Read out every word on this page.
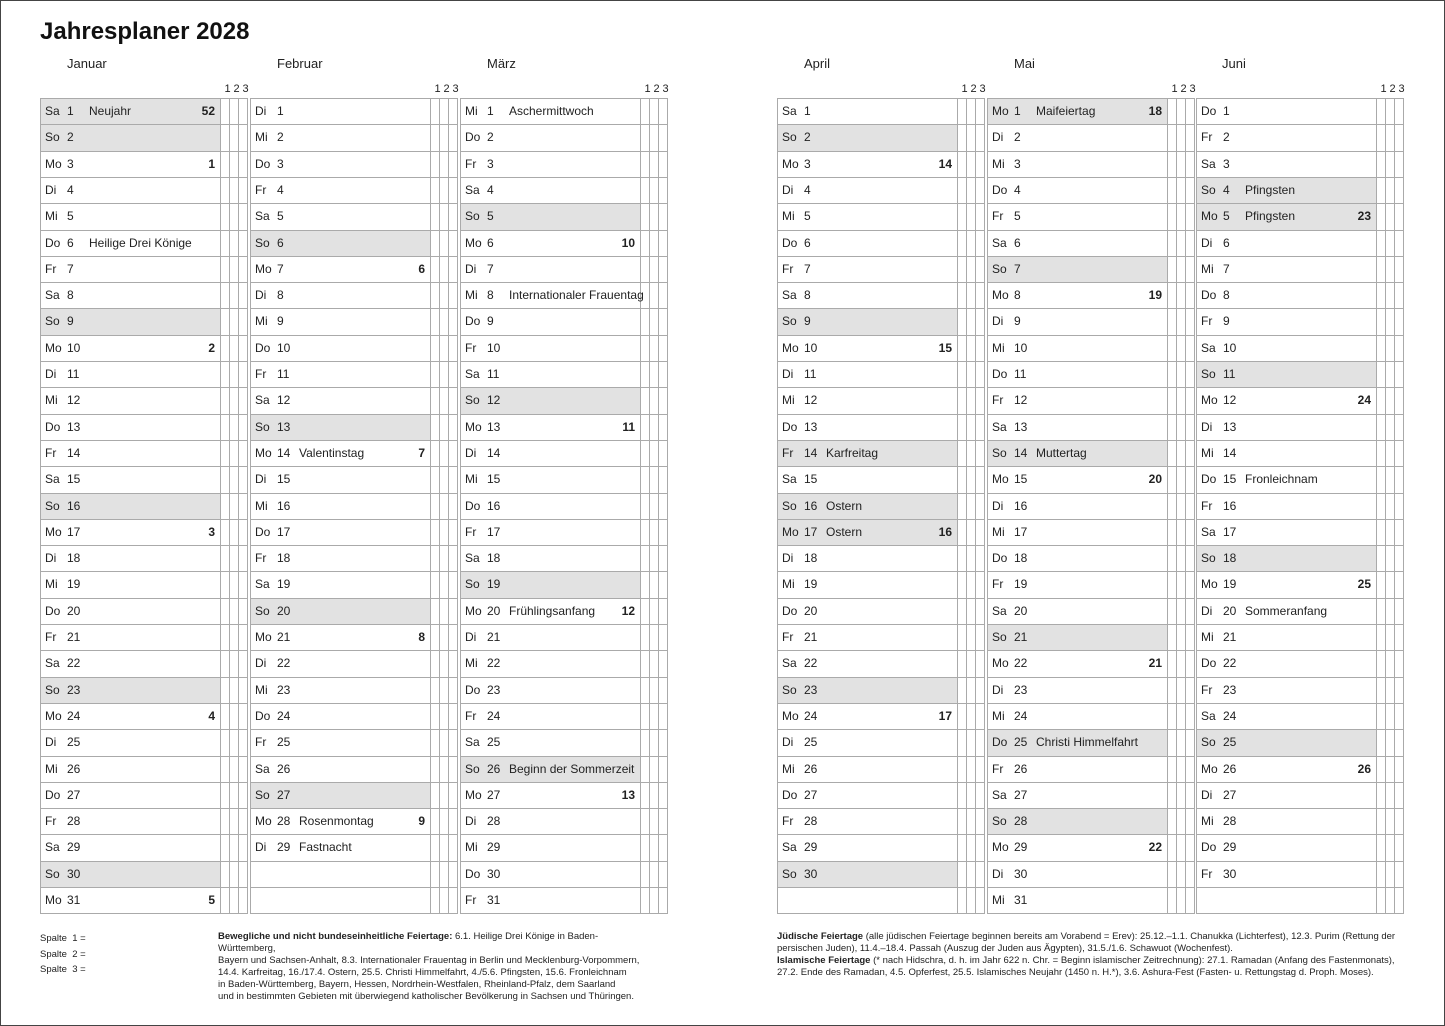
Jahresplaner 2028
Januar
1 2 3
Sa 1 Neujahr	52
So 2
Mo 3	1
Di 4
Mi 5
Do 6 Heilige Drei Könige
Fr 7
Sa 8
So 9
Mo 10	2
Di 11
Mi 12
Do 13
Fr 14
Sa 15
So 16
Mo 17	3
Di 18
Mi 19
Do 20
Fr 21
Sa 22
So 23
Mo 24	4
Di 25
Mi 26
Do 27
Fr 28
Sa 29
So 30
Mo 31	5
Februar
1 2 3
Di 1
Mi 2
Do 3
Fr 4
Sa 5
So 6
Mo 7	6
Di 8
Mi 9
Do 10
Fr 11
Sa 12
So 13
Mo 14 Valentinstag	7
Di 15
Mi 16
Do 17
Fr 18
Sa 19
So 20
Mo 21	8
Di 22
Mi 23
Do 24
Fr 25
Sa 26
So 27
Mo 28 Rosenmontag	9
Di 29 Fastnacht
März
1 2 3
Mi 1 Aschermittwoch
Do 2
Fr 3
Sa 4
So 5
Mo 6	10
Di 7
Mi 8 Internationaler Frauentag
Do 9
Fr 10
Sa 11
So 12
Mo 13	11
Di 14
Mi 15
Do 16
Fr 17
Sa 18
So 19
Mo 20 Frühlingsanfang 12
Di 21
Mi 22
Do 23
Fr 24
Sa 25
So 26 Beginn der Sommerzeit
Mo 27	13
Di 28
Mi 29
Do 30
Fr 31
April
1 2 3
Sa 1
So 2
Mo 3	14
Di 4
Mi 5
Do 6
Fr 7
Sa 8
So 9
Mo 10	15
Di 11
Mi 12
Do 13
Fr 14 Karfreitag
Sa 15
So 16 Ostern
Mo 17 Ostern	16
Di 18
Mi 19
Do 20
Fr 21
Sa 22
So 23
Mo 24	17
Di 25
Mi 26
Do 27
Fr 28
Sa 29
So 30
Mai
1 2 3
Mo 1 Maifeiertag	18
Di 2
Mi 3
Do 4
Fr 5
Sa 6
So 7
Mo 8	19
Di 9
Mi 10
Do 11
Fr 12
Sa 13
So 14 Muttertag
Mo 15	20
Di 16
Mi 17
Do 18
Fr 19
Sa 20
So 21
Mo 22	21
Di 23
Mi 24
Do 25 Christi Himmelfahrt
Fr 26
Sa 27
So 28
Mo 29	22
Di 30
Mi 31
Juni
1 2 3
Do 1
Fr 2
Sa 3
So 4 Pfingsten
Mo 5 Pfingsten	23
Di 6
Mi 7
Do 8
Fr 9
Sa 10
So 11
Mo 12	24
Di 13
Mi 14
Do 15 Fronleichnam
Fr 16
Sa 17
So 18
Mo 19	25
Di 20 Sommeranfang
Mi 21
Do 22
Fr 23
Sa 24
So 25
Mo 26	26
Di 27
Mi 28
Do 29
Fr 30
Spalte  1 =
Spalte  2 =
Spalte  3 =
Bewegliche und nicht bundeseinheitliche Feiertage: 6.1. Heilige Drei Könige in Baden-Württemberg,
Bayern und Sachsen-Anhalt, 8.3. Internationaler Frauentag in Berlin und Mecklenburg-Vorpommern,
14.4. Karfreitag, 16./17.4. Ostern, 25.5. Christi Himmelfahrt, 4./5.6. Pfingsten, 15.6. Fronleichnam
in Baden-Württemberg, Bayern, Hessen, Nordrhein-Westfalen, Rheinland-Pfalz, dem Saarland
und in bestimmten Gebieten mit überwiegend katholischer Bevölkerung in Sachsen und Thüringen.
Jüdische Feiertage (alle jüdischen Feiertage beginnen bereits am Vorabend = Erev): 25.12.–1.1. Chanukka (Lichterfest), 12.3. Purim (Rettung der
persischen Juden), 11.4.–18.4. Passah (Auszug der Juden aus Ägypten), 31.5./1.6. Schawuot (Wochenfest).
Islamische Feiertage (* nach Hidschra, d. h. im Jahr 622 n. Chr. = Beginn islamischer Zeitrechnung): 27.1. Ramadan (Anfang des Fastenmonats),
27.2. Ende des Ramadan, 4.5. Opferfest, 25.5. Islamisches Neujahr (1450 n. H.*), 3.6. Ashura-Fest (Fasten- u. Rettungstag d. Proph. Moses).
